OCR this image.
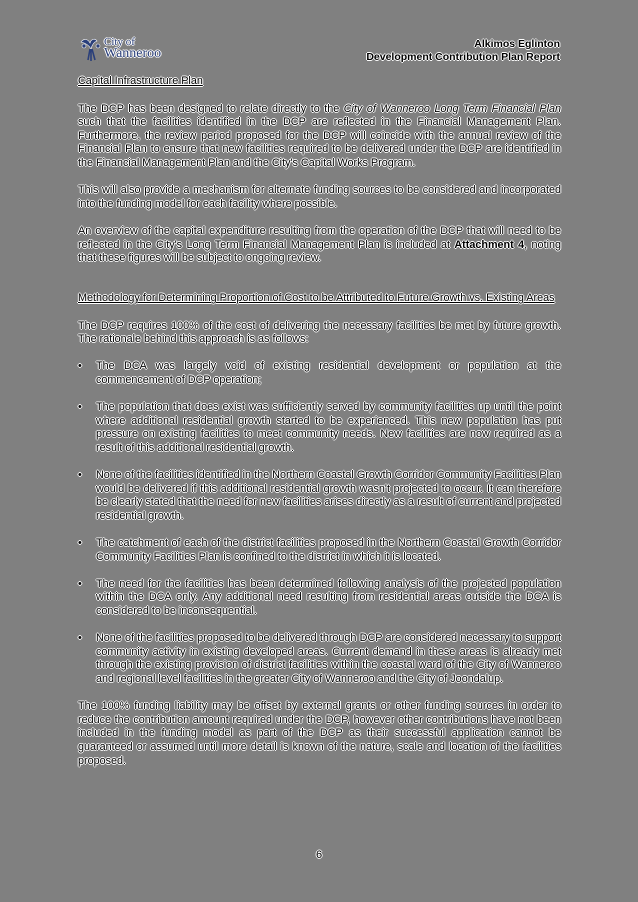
City of
Wanneroo
Alkimos Eglinton
Development Contribution Plan Report
Capital Infrastructure Plan

The DCP has been designed to relate directly to the City of Wanneroo Long Term Financial Plan such that the facilities identified in the DCP are reflected in the Financial Management Plan. Furthermore, the review period proposed for the DCP will coincide with the annual review of the Financial Plan to ensure that new facilities required to be delivered under the DCP are identified in the Financial Management Plan and the City's Capital Works Program.

This will also provide a mechanism for alternate funding sources to be considered and incorporated into the funding model for each facility where possible.

An overview of the capital expenditure resulting from the operation of the DCP that will need to be reflected in the City's Long Term Financial Management Plan is included at Attachment 4, noting that these figures will be subject to ongoing review.

Methodology for Determining Proportion of Cost to be Attributed to Future Growth vs. Existing Areas

The DCP requires 100% of the cost of delivering the necessary facilities be met by future growth. The rationale behind this approach is as follows:

• The DCA was largely void of existing residential development or population at the commencement of DCP operation;
• The population that does exist was sufficiently served by community facilities up until the point where additional residential growth started to be experienced. This new population has put pressure on existing facilities to meet community needs. New facilities are now required as a result of this additional residential growth.
• None of the facilities identified in the Northern Coastal Growth Corridor Community Facilities Plan would be delivered if this additional residential growth wasn't projected to occur. It can therefore be clearly stated that the need for new facilities arises directly as a result of current and projected residential growth.
• The catchment of each of the district facilities proposed in the Northern Coastal Growth Corridor Community Facilities Plan is confined to the district in which it is located.
• The need for the facilities has been determined following analysis of the projected population within the DCA only. Any additional need resulting from residential areas outside the DCA is considered to be inconsequential.
• None of the facilities proposed to be delivered through DCP are considered necessary to support community activity in existing developed areas. Current demand in these areas is already met through the existing provision of district facilities within the coastal ward of the City of Wanneroo and regional level facilities in the greater City of Wanneroo and the City of Joondalup.

The 100% funding liability may be offset by external grants or other funding sources in order to reduce the contribution amount required under the DCP, however other contributions have not been included in the funding model as part of the DCP as their successful application cannot be guaranteed or assumed until more detail is known of the nature, scale and location of the facilities proposed.

6
